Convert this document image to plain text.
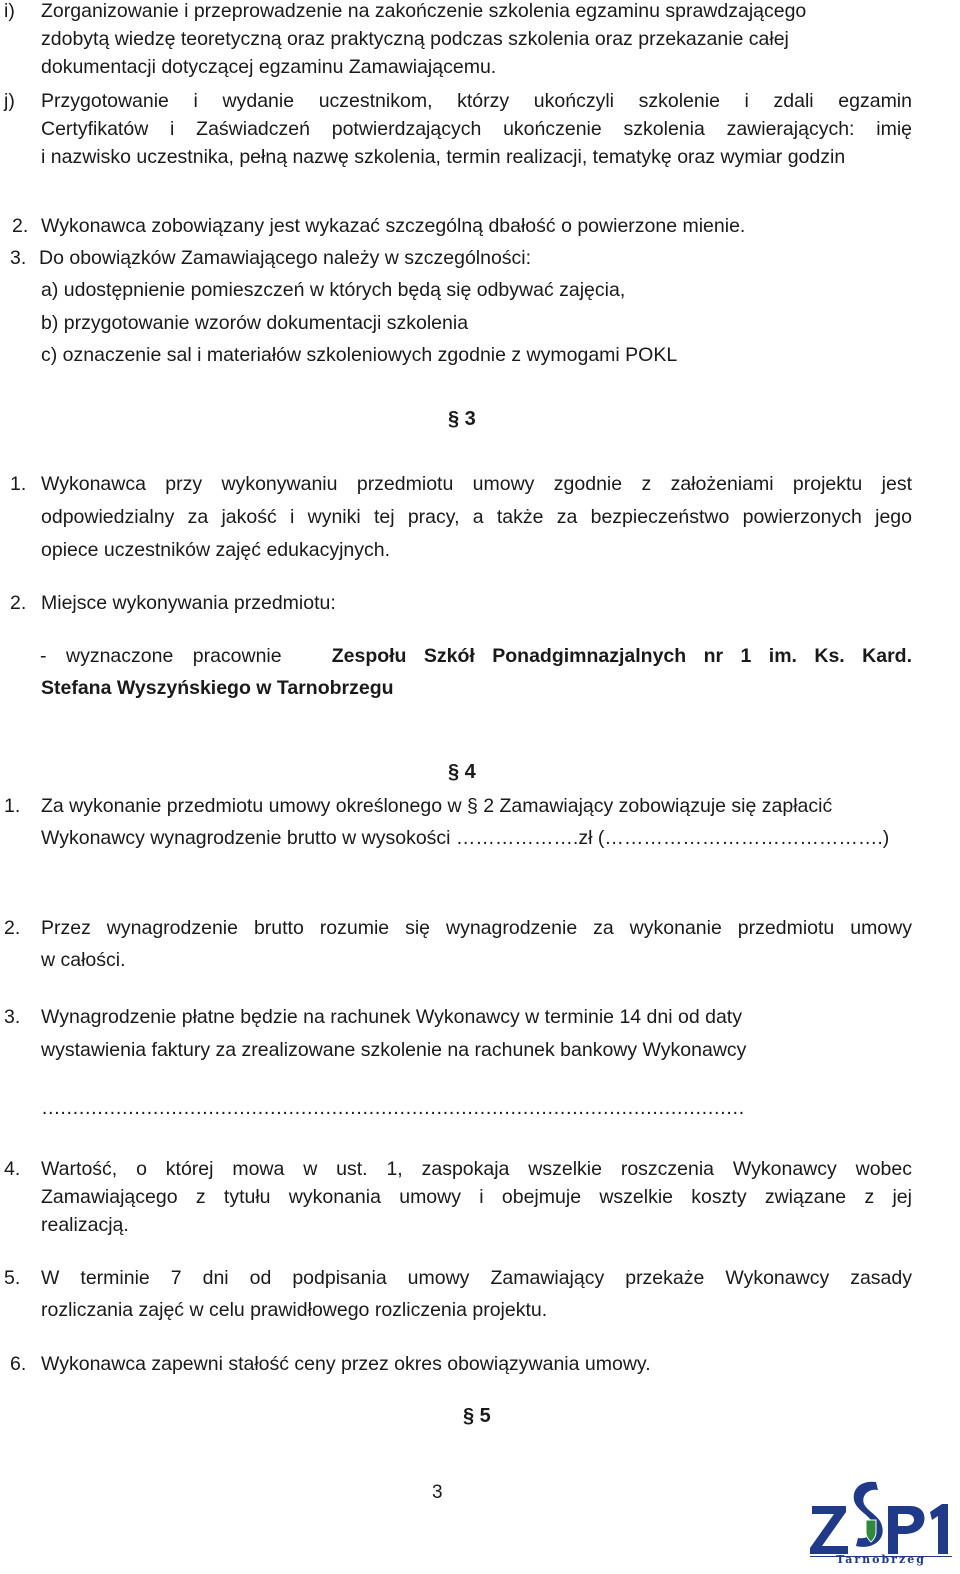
i) Zorganizowanie i przeprowadzenie na zakończenie szkolenia egzaminu sprawdzającego
zdobytą wiedzę teoretyczną oraz praktyczną podczas szkolenia oraz przekazanie całej
dokumentacji dotyczącej egzaminu Zamawiającemu.
j) Przygotowanie i wydanie uczestnikom, którzy ukończyli szkolenie i zdali egzamin
Certyfikatów i Zaświadczeń potwierdzających ukończenie szkolenia zawierających: imię
i nazwisko uczestnika, pełną nazwę szkolenia, termin realizacji, tematykę oraz wymiar godzin
2. Wykonawca zobowiązany jest wykazać szczególną dbałość o powierzone mienie.
3. Do obowiązków Zamawiającego należy w szczególności:
a) udostępnienie pomieszczeń w których będą się odbywać zajęcia,
b) przygotowanie wzorów dokumentacji szkolenia
c) oznaczenie sal i materiałów szkoleniowych zgodnie z wymogami POKL
§ 3
1. Wykonawca przy wykonywaniu przedmiotu umowy zgodnie z założeniami projektu jest
odpowiedzialny za jakość i wyniki tej pracy, a także za bezpieczeństwo powierzonych jego
opiece uczestników zajęć edukacyjnych.
2. Miejsce wykonywania przedmiotu:
- wyznaczone pracownie	Zespołu Szkół Ponadgimnazjalnych nr 1 im. Ks. Kard.
Stefana Wyszyńskiego w Tarnobrzegu
§ 4
1. Za wykonanie przedmiotu umowy określonego w § 2 Zamawiający zobowiązuje się zapłacić
Wykonawcy wynagrodzenie brutto w wysokości ……………….zł (…………………………………….)
2. Przez wynagrodzenie brutto rozumie się wynagrodzenie za wykonanie przedmiotu umowy
w całości.
3. Wynagrodzenie płatne będzie na rachunek Wykonawcy w terminie 14 dni od daty
wystawienia faktury za zrealizowane szkolenie na rachunek bankowy Wykonawcy
……………………………………………………………………………………………………
4. Wartość, o której mowa w ust. 1, zaspokaja wszelkie roszczenia Wykonawcy wobec
Zamawiającego z tytułu wykonania umowy i obejmuje wszelkie koszty związane z jej
realizacją.
5. W terminie 7 dni od podpisania umowy Zamawiający przekaże Wykonawcy zasady
rozliczania zajęć w celu prawidłowego rozliczenia projektu.
6. Wykonawca zapewni stałość ceny przez okres obowiązywania umowy.
§ 5
3
Tarnobrzeg
